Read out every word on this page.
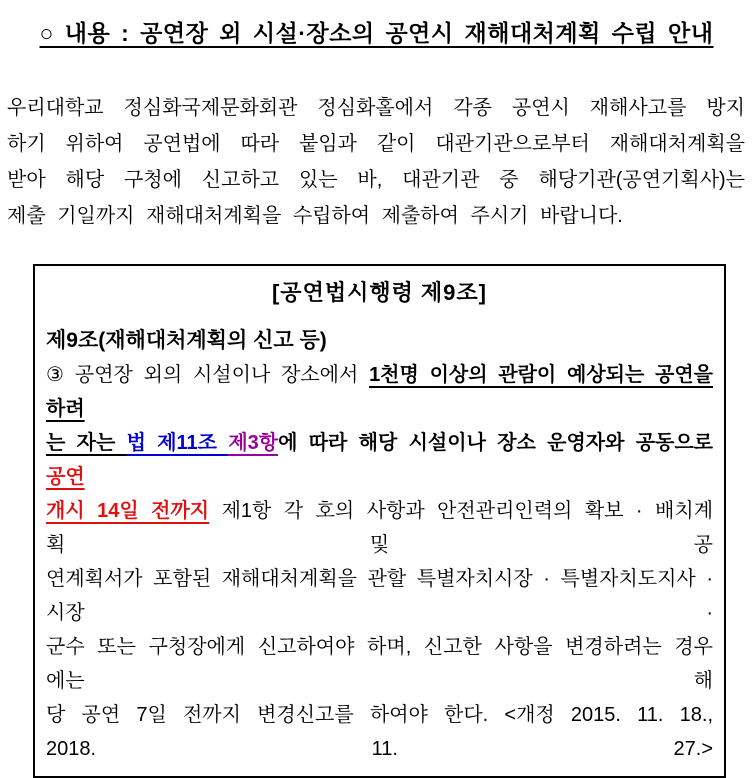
○ 내용 : 공연장 외 시설·장소의 공연시 재해대처계획 수립 안내
우리대학교 정심화국제문화회관 정심화홀에서 각종 공연시 재해사고를 방지
하기 위하여 공연법에 따라 붙임과 같이 대관기관으로부터 재해대처계획을
받아 해당 구청에 신고하고 있는 바, 대관기관 중 해당기관(공연기획사)는
제출 기일까지 재해대처계획을 수립하여 제출하여 주시기 바랍니다.
[공연법시행령 제9조]
제9조(재해대처계획의 신고 등)
③ 공연장 외의 시설이나 장소에서 1천명 이상의 관람이 예상되는 공연을 하려
는 자는 법 제11조 제3항에 따라 해당 시설이나 장소 운영자와 공동으로 공연
개시 14일 전까지 제1항 각 호의 사항과 안전관리인력의 확보 · 배치계획 및 공
연계획서가 포함된 재해대처계획을 관할 특별자치시장 · 특별자치도지사 · 시장 ·
군수 또는 구청장에게 신고하여야 하며, 신고한 사항을 변경하려는 경우에는 해
당 공연 7일 전까지 변경신고를 하여야 한다. <개정 2015. 11. 18., 2018. 11. 27.>
